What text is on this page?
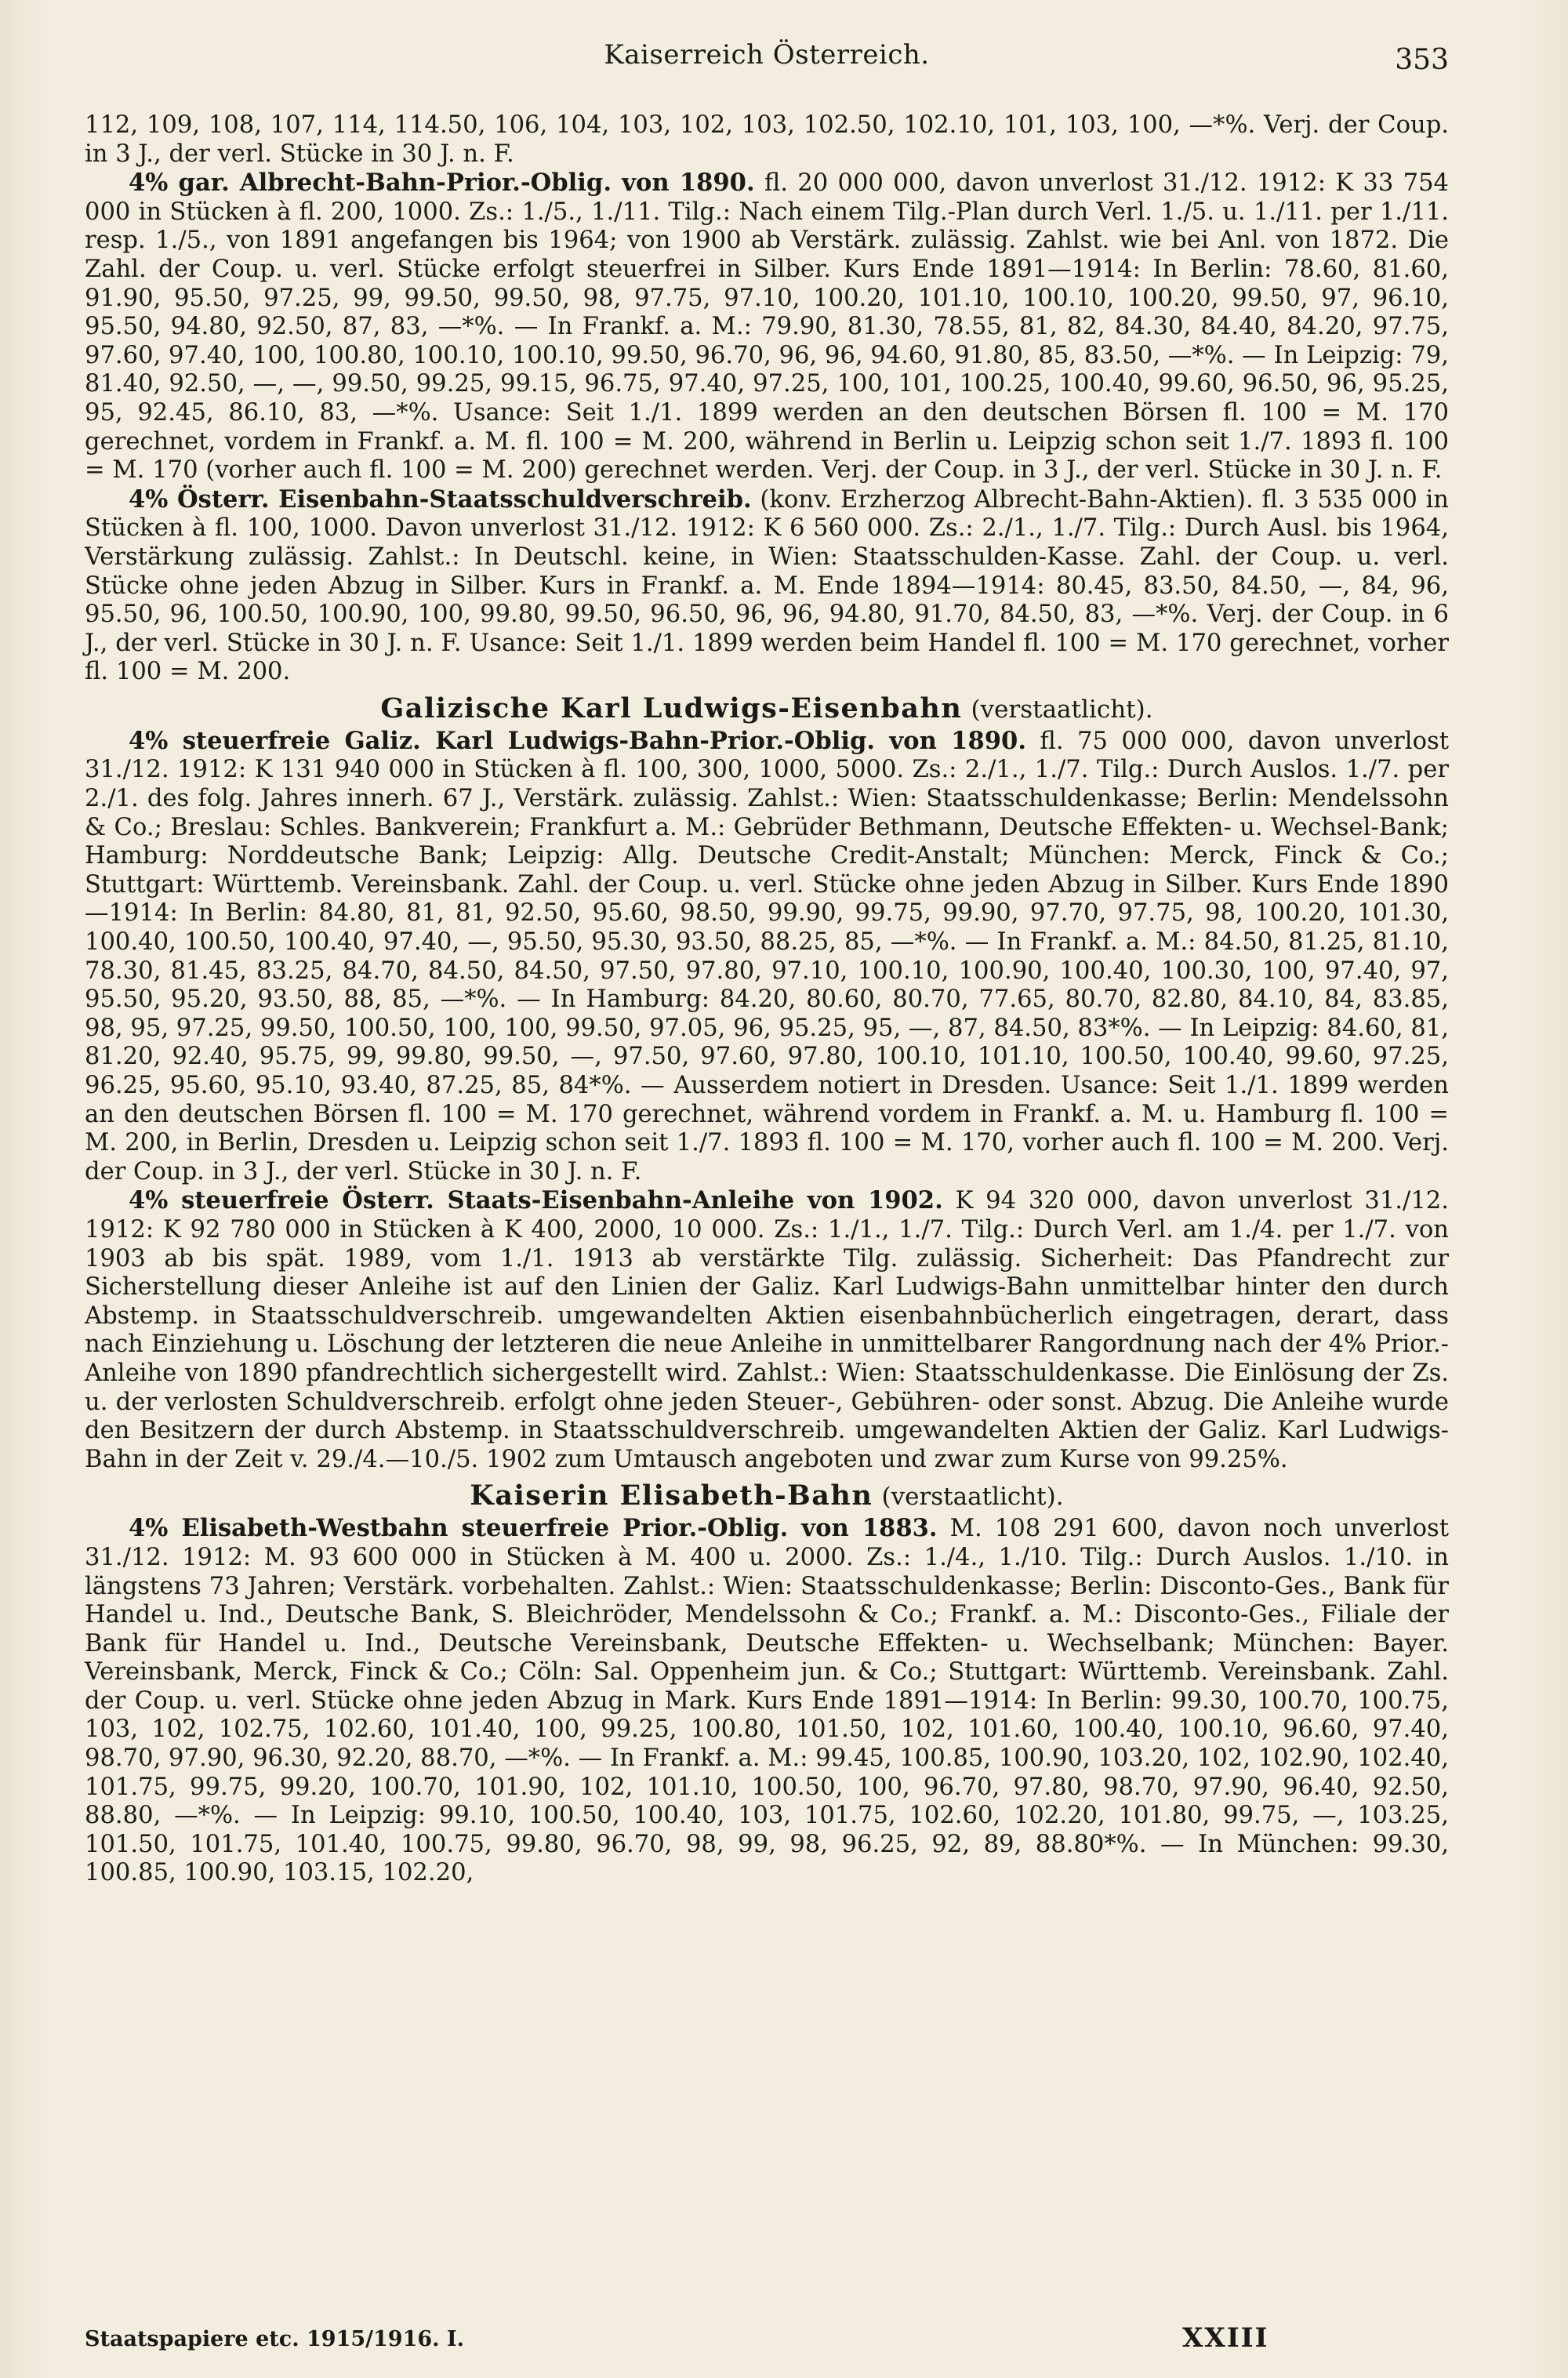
Kaiserreich Österreich.	353

112, 109, 108, 107, 114, 114.50, 106, 104, 103, 102, 103, 102.50, 102.10, 101, 103, 100, —*%. Verj. der Coup. in 3 J., der verl. Stücke in 30 J. n. F.

4% gar. Albrecht-Bahn-Prior.-Oblig. von 1890. fl. 20 000 000, davon unverlost 31./12. 1912: K 33 754 000 in Stücken à fl. 200, 1000. Zs.: 1./5., 1./11. Tilg.: Nach einem Tilg.-Plan durch Verl. 1./5. u. 1./11. per 1./11. resp. 1./5., von 1891 angefangen bis 1964; von 1900 ab Verstärk. zulässig. Zahlst. wie bei Anl. von 1872. Die Zahl. der Coup. u. verl. Stücke erfolgt steuerfrei in Silber. Kurs Ende 1891—1914: In Berlin: 78.60, 81.60, 91.90, 95.50, 97.25, 99, 99.50, 99.50, 98, 97.75, 97.10, 100.20, 101.10, 100.10, 100.20, 99.50, 97, 96.10, 95.50, 94.80, 92.50, 87, 83, —*%. — In Frankf. a. M.: 79.90, 81.30, 78.55, 81, 82, 84.30, 84.40, 84.20, 97.75, 97.60, 97.40, 100, 100.80, 100.10, 100.10, 99.50, 96.70, 96, 96, 94.60, 91.80, 85, 83.50, —*%. — In Leipzig: 79, 81.40, 92.50, —, —, 99.50, 99.25, 99.15, 96.75, 97.40, 97.25, 100, 101, 100.25, 100.40, 99.60, 96.50, 96, 95.25, 95, 92.45, 86.10, 83, —*%. Usance: Seit 1./1. 1899 werden an den deutschen Börsen fl. 100 = M. 170 gerechnet, vordem in Frankf. a. M. fl. 100 = M. 200, während in Berlin u. Leipzig schon seit 1./7. 1893 fl. 100 = M. 170 (vorher auch fl. 100 = M. 200) gerechnet werden. Verj. der Coup. in 3 J., der verl. Stücke in 30 J. n. F.

4% Österr. Eisenbahn-Staatsschuldverschreib. (konv. Erzherzog Albrecht-Bahn-Aktien). fl. 3 535 000 in Stücken à fl. 100, 1000. Davon unverlost 31./12. 1912: K 6 560 000. Zs.: 2./1., 1./7. Tilg.: Durch Ausl. bis 1964, Verstärkung zulässig. Zahlst.: In Deutschl. keine, in Wien: Staatsschulden-Kasse. Zahl. der Coup. u. verl. Stücke ohne jeden Abzug in Silber. Kurs in Frankf. a. M. Ende 1894—1914: 80.45, 83.50, 84.50, —, 84, 96, 95.50, 96, 100.50, 100.90, 100, 99.80, 99.50, 96.50, 96, 96, 94.80, 91.70, 84.50, 83, —*%. Verj. der Coup. in 6 J., der verl. Stücke in 30 J. n. F. Usance: Seit 1./1. 1899 werden beim Handel fl. 100 = M. 170 gerechnet, vorher fl. 100 = M. 200.

Galizische Karl Ludwigs-Eisenbahn (verstaatlicht).

4% steuerfreie Galiz. Karl Ludwigs-Bahn-Prior.-Oblig. von 1890. fl. 75 000 000, davon unverlost 31./12. 1912: K 131 940 000 in Stücken à fl. 100, 300, 1000, 5000. Zs.: 2./1., 1./7. Tilg.: Durch Auslos. 1./7. per 2./1. des folg. Jahres innerh. 67 J., Verstärk. zulässig. Zahlst.: Wien: Staatsschuldenkasse; Berlin: Mendelssohn & Co.; Breslau: Schles. Bankverein; Frankfurt a. M.: Gebrüder Bethmann, Deutsche Effekten- u. Wechsel-Bank; Hamburg: Norddeutsche Bank; Leipzig: Allg. Deutsche Credit-Anstalt; München: Merck, Finck & Co.; Stuttgart: Württemb. Vereinsbank. Zahl. der Coup. u. verl. Stücke ohne jeden Abzug in Silber. Kurs Ende 1890—1914: In Berlin: 84.80, 81, 81, 92.50, 95.60, 98.50, 99.90, 99.75, 99.90, 97.70, 97.75, 98, 100.20, 101.30, 100.40, 100.50, 100.40, 97.40, —, 95.50, 95.30, 93.50, 88.25, 85, —*%. — In Frankf. a. M.: 84.50, 81.25, 81.10, 78.30, 81.45, 83.25, 84.70, 84.50, 84.50, 97.50, 97.80, 97.10, 100.10, 100.90, 100.40, 100.30, 100, 97.40, 97, 95.50, 95.20, 93.50, 88, 85, —*%. — In Hamburg: 84.20, 80.60, 80.70, 77.65, 80.70, 82.80, 84.10, 84, 83.85, 98, 95, 97.25, 99.50, 100.50, 100, 100, 99.50, 97.05, 96, 95.25, 95, —, 87, 84.50, 83*%. — In Leipzig: 84.60, 81, 81.20, 92.40, 95.75, 99, 99.80, 99.50, —, 97.50, 97.60, 97.80, 100.10, 101.10, 100.50, 100.40, 99.60, 97.25, 96.25, 95.60, 95.10, 93.40, 87.25, 85, 84*%. — Ausserdem notiert in Dresden. Usance: Seit 1./1. 1899 werden an den deutschen Börsen fl. 100 = M. 170 gerechnet, während vordem in Frankf. a. M. u. Hamburg fl. 100 = M. 200, in Berlin, Dresden u. Leipzig schon seit 1./7. 1893 fl. 100 = M. 170, vorher auch fl. 100 = M. 200. Verj. der Coup. in 3 J., der verl. Stücke in 30 J. n. F.

4% steuerfreie Österr. Staats-Eisenbahn-Anleihe von 1902. K 94 320 000, davon unverlost 31./12. 1912: K 92 780 000 in Stücken à K 400, 2000, 10 000. Zs.: 1./1., 1./7. Tilg.: Durch Verl. am 1./4. per 1./7. von 1903 ab bis spät. 1989, vom 1./1. 1913 ab verstärkte Tilg. zulässig. Sicherheit: Das Pfandrecht zur Sicherstellung dieser Anleihe ist auf den Linien der Galiz. Karl Ludwigs-Bahn unmittelbar hinter den durch Abstemp. in Staatsschuldverschreib. umgewandelten Aktien eisenbahnbücherlich eingetragen, derart, dass nach Einziehung u. Löschung der letzteren die neue Anleihe in unmittelbarer Rangordnung nach der 4% Prior.-Anleihe von 1890 pfandrechtlich sichergestellt wird. Zahlst.: Wien: Staatsschuldenkasse. Die Einlösung der Zs. u. der verlosten Schuldverschreib. erfolgt ohne jeden Steuer-, Gebühren- oder sonst. Abzug. Die Anleihe wurde den Besitzern der durch Abstemp. in Staatsschuldverschreib. umgewandelten Aktien der Galiz. Karl Ludwigs-Bahn in der Zeit v. 29./4.—10./5. 1902 zum Umtausch angeboten und zwar zum Kurse von 99.25%.

Kaiserin Elisabeth-Bahn (verstaatlicht).

4% Elisabeth-Westbahn steuerfreie Prior.-Oblig. von 1883. M. 108 291 600, davon noch unverlost 31./12. 1912: M. 93 600 000 in Stücken à M. 400 u. 2000. Zs.: 1./4., 1./10. Tilg.: Durch Auslos. 1./10. in längstens 73 Jahren; Verstärk. vorbehalten. Zahlst.: Wien: Staatsschuldenkasse; Berlin: Disconto-Ges., Bank für Handel u. Ind., Deutsche Bank, S. Bleichröder, Mendelssohn & Co.; Frankf. a. M.: Disconto-Ges., Filiale der Bank für Handel u. Ind., Deutsche Vereinsbank, Deutsche Effekten- u. Wechselbank; München: Bayer. Vereinsbank, Merck, Finck & Co.; Cöln: Sal. Oppenheim jun. & Co.; Stuttgart: Württemb. Vereinsbank. Zahl. der Coup. u. verl. Stücke ohne jeden Abzug in Mark. Kurs Ende 1891—1914: In Berlin: 99.30, 100.70, 100.75, 103, 102, 102.75, 102.60, 101.40, 100, 99.25, 100.80, 101.50, 102, 101.60, 100.40, 100.10, 96.60, 97.40, 98.70, 97.90, 96.30, 92.20, 88.70, —*%. — In Frankf. a. M.: 99.45, 100.85, 100.90, 103.20, 102, 102.90, 102.40, 101.75, 99.75, 99.20, 100.70, 101.90, 102, 101.10, 100.50, 100, 96.70, 97.80, 98.70, 97.90, 96.40, 92.50, 88.80, —*%. — In Leipzig: 99.10, 100.50, 100.40, 103, 101.75, 102.60, 102.20, 101.80, 99.75, —, 103.25, 101.50, 101.75, 101.40, 100.75, 99.80, 96.70, 98, 99, 98, 96.25, 92, 89, 88.80*%. — In München: 99.30, 100.85, 100.90, 103.15, 102.20,

Staatspapiere etc. 1915/1916. I.	XXIII
